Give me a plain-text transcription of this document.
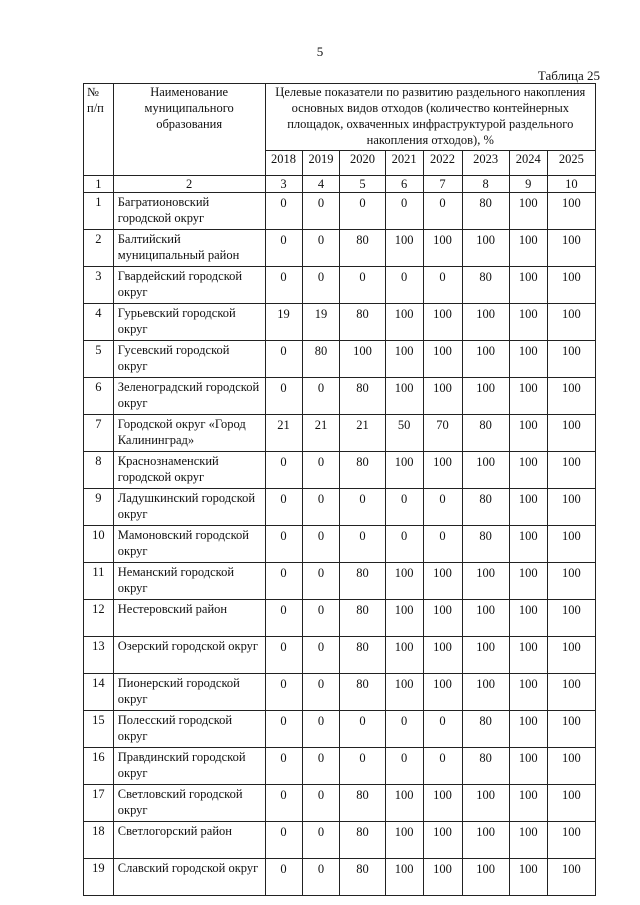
5
Таблица 25
№ п/п	Наименование муниципального образования	Целевые показатели по развитию раздельного накопления основных видов отходов (количество контейнерных площадок, охваченных инфраструктурой раздельного накопления отходов), %							
		2018	2019	2020	2021	2022	2023	2024	2025
1	2	3	4	5	6	7	8	9	10
1	Багратионовский городской округ	0	0	0	0	0	80	100	100
2	Балтийский муниципальный район	0	0	80	100	100	100	100	100
3	Гвардейский городской округ	0	0	0	0	0	80	100	100
4	Гурьевский городской округ	19	19	80	100	100	100	100	100
5	Гусевский городской округ	0	80	100	100	100	100	100	100
6	Зеленоградский городской округ	0	0	80	100	100	100	100	100
7	Городской округ «Город Калининград»	21	21	21	50	70	80	100	100
8	Краснознаменский городской округ	0	0	80	100	100	100	100	100
9	Ладушкинский городской округ	0	0	0	0	0	80	100	100
10	Мамоновский городской округ	0	0	0	0	0	80	100	100
11	Неманский городской округ	0	0	80	100	100	100	100	100
12	Нестеровский район	0	0	80	100	100	100	100	100
13	Озерский городской округ	0	0	80	100	100	100	100	100
14	Пионерский городской округ	0	0	80	100	100	100	100	100
15	Полесский городской округ	0	0	0	0	0	80	100	100
16	Правдинский городской округ	0	0	0	0	0	80	100	100
17	Светловский городской округ	0	0	80	100	100	100	100	100
18	Светлогорский район	0	0	80	100	100	100	100	100
19	Славский городской округ	0	0	80	100	100	100	100	100
